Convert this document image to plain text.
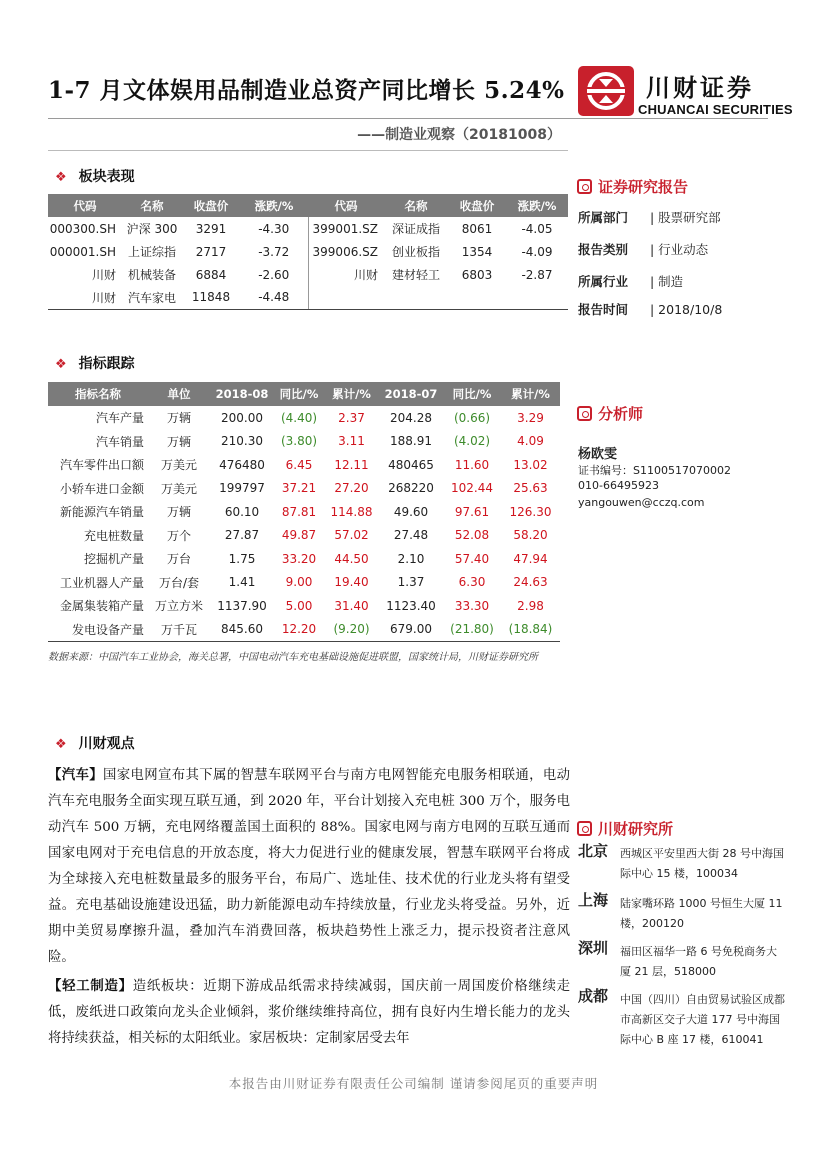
1-7 月文体娱用品制造业总资产同比增长 5.24%	川财证券
CHUANCAI SECURITIES
——制造业观察（20181008）
❖ 板块表现
代码	名称	收盘价	涨跌/%	代码	名称	收盘价	涨跌/%
000300.SH	沪深 300	3291	-4.30	399001.SZ	深证成指	8061	-4.05
000001.SH	上证综指	2717	-3.72	399006.SZ	创业板指	1354	-4.09
川财	机械装备	6884	-2.60	川财	建材轻工	6803	-2.87
川财	汽车家电	11848	-4.48				
❖ 指标跟踪
指标名称	单位	2018-08	同比/%	累计/%	2018-07	同比/%	累计/%
汽车产量	万辆	200.00	(4.40)	2.37	204.28	(0.66)	3.29
汽车销量	万辆	210.30	(3.80)	3.11	188.91	(4.02)	4.09
汽车零件出口额	万美元	476480	6.45	12.11	480465	11.60	13.02
小轿车进口金额	万美元	199797	37.21	27.20	268220	102.44	25.63
新能源汽车销量	万辆	60.10	87.81	114.88	49.60	97.61	126.30
充电桩数量	万个	27.87	49.87	57.02	27.48	52.08	58.20
挖掘机产量	万台	1.75	33.20	44.50	2.10	57.40	47.94
工业机器人产量	万台/套	1.41	9.00	19.40	1.37	6.30	24.63
金属集装箱产量	万立方米	1137.90	5.00	31.40	1123.40	33.30	2.98
发电设备产量	万千瓦	845.60	12.20	(9.20)	679.00	(21.80)	(18.84)
数据来源：中国汽车工业协会，海关总署，中国电动汽车充电基础设施促进联盟，国家统计局，川财证券研究所
❖ 川财观点

【汽车】国家电网宣布其下属的智慧车联网平台与南方电网智能充电服务相联通，电动汽车充电服务全面实现互联互通，到 2020 年，平台计划接入充电桩 300 万个，服务电动汽车 500 万辆，充电网络覆盖国土面积的 88%。国家电网与南方电网的互联互通而国家电网对于充电信息的开放态度，将大力促进行业的健康发展，智慧车联网平台将成为全球接入充电桩数量最多的服务平台，布局广、选址佳、技术优的行业龙头将有望受益。充电基础设施建设迅猛，助力新能源电动车持续放量，行业龙头将受益。另外，近期中美贸易摩擦升温，叠加汽车消费回落，板块趋势性上涨乏力，提示投资者注意风险。

【轻工制造】造纸板块：近期下游成品纸需求持续减弱，国庆前一周国废价格继续走低，废纸进口政策向龙头企业倾斜，浆价继续维持高位，拥有良好内生增长能力的龙头将持续获益，相关标的太阳纸业。家居板块：定制家居受去年

证券研究报告
所属部门 | 股票研究部
报告类别 | 行业动态
所属行业 | 制造
报告时间 | 2018/10/8
分析师
杨欧雯
证书编号：S1100517070002
010-66495923
yangouwen@cczq.com
川财研究所
北京 西城区平安里西大街 28 号中海国际中心 15 楼，100034
上海 陆家嘴环路 1000 号恒生大厦 11 楼，200120
深圳 福田区福华一路 6 号免税商务大厦 21 层，518000
成都 中国（四川）自由贸易试验区成都市高新区交子大道 177 号中海国际中心 B 座 17 楼，610041
本报告由川财证券有限责任公司编制 谨请参阅尾页的重要声明
